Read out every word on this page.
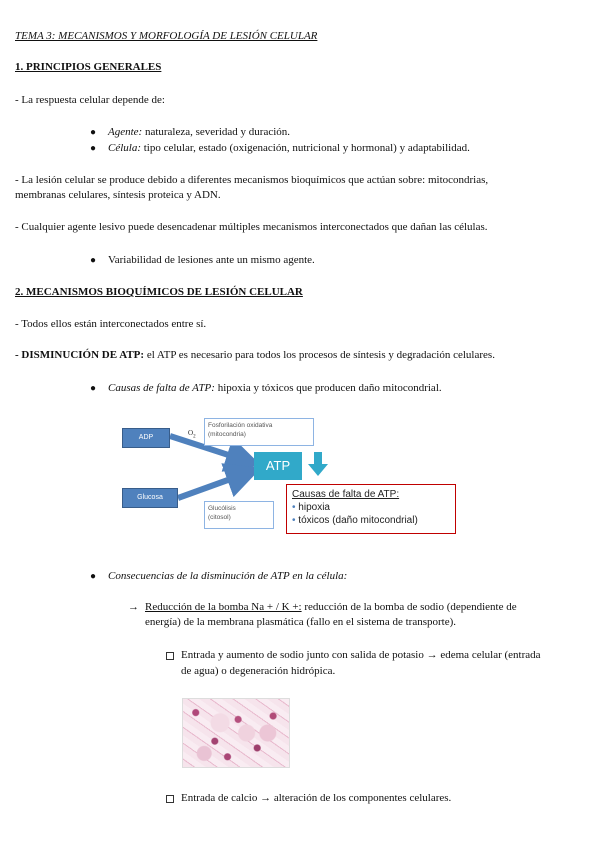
TEMA 3: MECANISMOS Y MORFOLOGÍA DE LESIÓN CELULAR
1. PRINCIPIOS GENERALES
- La respuesta celular depende de:
● Agente: naturaleza, severidad y duración.
● Célula: tipo celular, estado (oxigenación, nutricional y hormonal) y adaptabilidad.
- La lesión celular se produce debido a diferentes mecanismos bioquímicos que actúan sobre: mitocondrias,
membranas celulares, síntesis proteica y ADN.
- Cualquier agente lesivo puede desencadenar múltiples mecanismos interconectados que dañan las células.
● Variabilidad de lesiones ante un mismo agente.
2. MECANISMOS BIOQUÍMICOS DE LESIÓN CELULAR
- Todos ellos están interconectados entre sí.
- DISMINUCIÓN DE ATP: el ATP es necesario para todos los procesos de síntesis y degradación celulares.
● Causas de falta de ATP: hipoxia y tóxicos que producen daño mitocondrial.
ADP
Glucosa
$O_2$
Fosforilación oxidativa
(mitocondria)
ATP
Glucólisis
(citosol)
Causas de falta de ATP:
• hipoxia
• tóxicos (daño mitocondrial)
● Consecuencias de la disminución de ATP en la célula:
→ Reducción de la bomba Na + / K +: reducción de la bomba de sodio (dependiente de
energía) de la membrana plasmática (fallo en el sistema de transporte).
Entrada y aumento de sodio junto con salida de potasio → edema celular (entrada
de agua) o degeneración hidrópica.
Entrada de calcio → alteración de los componentes celulares.
